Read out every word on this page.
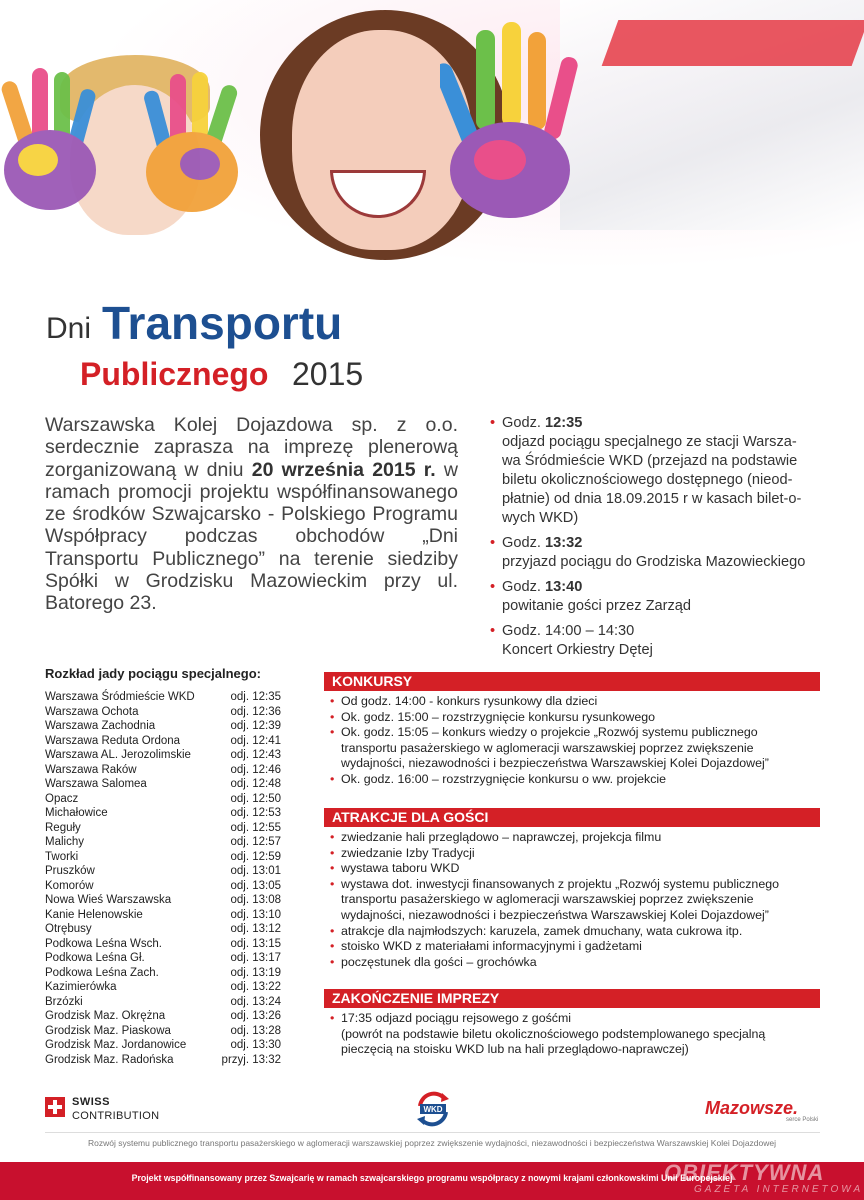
Dni Transportu
Publicznego 2015
Warszawska Kolej Dojazdowa sp. z o.o. serdecznie zaprasza na imprezę plenerową zorganizowaną w dniu 20 września 2015 r. w ramach promocji projektu współfinansowanego ze środków Szwajcarsko - Polskiego Programu Współpracy podczas obchodów „Dni Transportu Publicznego” na terenie siedziby Spółki w Grodzisku Mazowieckim przy ul. Batorego 23.
• Godz. 12:35
odjazd pociągu specjalnego ze stacji Warsza-
wa Śródmieście WKD (przejazd na podstawie
biletu okolicznościowego dostępnego (nieod-
płatnie) od dnia 18.09.2015 r w kasach bilet-o-
wych WKD)
• Godz. 13:32
przyjazd pociągu do Grodziska Mazowieckiego
• Godz. 13:40
powitanie gości przez Zarząd
• Godz. 14:00 – 14:30
Koncert Orkiestry Dętej
Rozkład jady pociągu specjalnego:
Warszawa Śródmieście WKD	odj. 12:35
Warszawa Ochota	odj. 12:36
Warszawa Zachodnia	odj. 12:39
Warszawa Reduta Ordona	odj. 12:41
Warszawa AL. Jerozolimskie	odj. 12:43
Warszawa Raków	odj. 12:46
Warszawa Salomea	odj. 12:48
Opacz	odj. 12:50
Michałowice	odj. 12:53
Reguły	odj. 12:55
Malichy	odj. 12:57
Tworki	odj. 12:59
Pruszków	odj. 13:01
Komorów	odj. 13:05
Nowa Wieś Warszawska	odj. 13:08
Kanie Helenowskie	odj. 13:10
Otrębusy	odj. 13:12
Podkowa Leśna Wsch.	odj. 13:15
Podkowa Leśna Gł.	odj. 13:17
Podkowa Leśna Zach.	odj. 13:19
Kazimierówka	odj. 13:22
Brzózki	odj. 13:24
Grodzisk Maz. Okrężna	odj. 13:26
Grodzisk Maz. Piaskowa	odj. 13:28
Grodzisk Maz. Jordanowice	odj. 13:30
Grodzisk Maz. Radońska	przyj. 13:32
KONKURSY
• Od godz. 14:00 - konkurs rysunkowy dla dzieci
• Ok. godz. 15:00 – rozstrzygnięcie konkursu rysunkowego
• Ok. godz. 15:05 – konkurs wiedzy o projekcie „Rozwój systemu publicznego
transportu pasażerskiego w aglomeracji warszawskiej poprzez zwiększenie
wydajności, niezawodności i bezpieczeństwa Warszawskiej Kolei Dojazdowej”
• Ok. godz. 16:00 – rozstrzygnięcie konkursu o ww. projekcie
ATRAKCJE DLA GOŚCI
• zwiedzanie hali przeglądowo – naprawczej, projekcja filmu
• zwiedzanie Izby Tradycji
• wystawa taboru WKD
• wystawa dot. inwestycji finansowanych z projektu „Rozwój systemu publicznego
transportu pasażerskiego w aglomeracji warszawskiej poprzez zwiększenie
wydajności, niezawodności i bezpieczeństwa Warszawskiej Kolei Dojazdowej”
• atrakcje dla najmłodszych: karuzela, zamek dmuchany, wata cukrowa itp.
• stoisko WKD z materiałami informacyjnymi i gadżetami
• poczęstunek dla gości – grochówka
ZAKOŃCZENIE IMPREZY
• 17:35 odjazd pociągu rejsowego z gośćmi
(powrót na podstawie biletu okolicznościowego podstemplowanego specjalną
pieczęcią na stoisku WKD lub na hali przeglądowo-naprawczej)
SWISS
CONTRIBUTION
WKD	Mazowsze.
serce Polski
Rozwój systemu publicznego transportu pasażerskiego w aglomeracji warszawskiej poprzez zwiększenie wydajności, niezawodności i bezpieczeństwa Warszawskiej Kolei Dojazdowej
Projekt współfinansowany przez Szwajcarię w ramach szwajcarskiego programu współpracy z nowymi krajami członkowskimi Unii Europejskiej
OBIEKTYWNA
GAZETA INTERNETOWA
